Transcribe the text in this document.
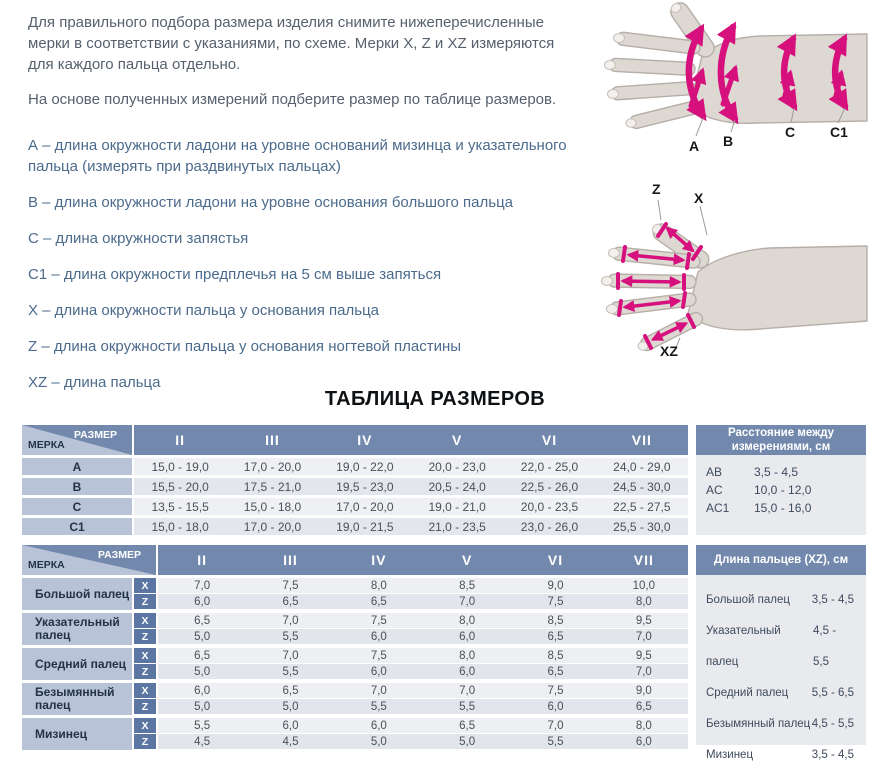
Для правильного подбора размера изделия снимите нижеперечисленные мерки в соответствии с указаниями, по схеме. Мерки X, Z и XZ измеряются для каждого пальца отдельно.

На основе полученных измерений подберите размер по таблице размеров.

А – длина окружности ладони на уровне оснований мизинца и указательного пальца (измерять при раздвинутых пальцах)
В – длина окружности ладони на уровне основания большого пальца
С – длина окружности запястья
С1 – длина окружности предплечья на 5 см выше запяться
X – длина окружности пальца у основания пальца
Z – длина окружности пальца у основания ногтевой пластины
XZ – длина пальца
A B
C C1
Z
X
XZ
ТАБЛИЦА РАЗМЕРОВ
РАЗМЕР
МЕРКА	II	III	IV	V	VI	VII
A	15,0 - 19,0	17,0 - 20,0	19,0 - 22,0	20,0 - 23,0	22,0 - 25,0	24,0 - 29,0
B	15,5 - 20,0	17,5 - 21,0	19,5 - 23,0	20,5 - 24,0	22,5 - 26,0	24,5 - 30,0
C	13,5 - 15,5	15,0 - 18,0	17,0 - 20,0	19,0 - 21,0	20,0 - 23,5	22,5 - 27,5
C1	15,0 - 18,0	17,0 - 20,0	19,0 - 21,5	21,0 - 23,5	23,0 - 26,0	25,5 - 30,0
Расстояние между измерениями, см
AB	3,5 - 4,5
AC	10,0 - 12,0
AC1	15,0 - 16,0
РАЗМЕР
МЕРКА	II	III	IV	V	VI	VII
Большой палец
X	7,0	7,5	8,0	8,5	9,0	10,0
Z	6,0	6,5	6,5	7,0	7,5	8,0
Указательный палец
X	6,5	7,0	7,5	8,0	8,5	9,5
Z	5,0	5,5	6,0	6,0	6,5	7,0
Средний палец
X	6,5	7,0	7,5	8,0	8,5	9,5
Z	5,0	5,5	6,0	6,0	6,5	7,0
Безымянный палец
X	6,0	6,5	7,0	7,0	7,5	9,0
Z	5,0	5,0	5,5	5,5	6,0	6,5
Мизинец
X	5,5	6,0	6,0	6,5	7,0	8,0
Z	4,5	4,5	5,0	5,0	5,5	6,0
Длина пальцев (XZ), см
Большой палец 3,5 - 4,5
Указательный палец
4,5 - 5,5
Средний палец 5,5 - 6,5
Безымянный палец 4,5 - 5,5
Мизинец	3,5 - 4,5
